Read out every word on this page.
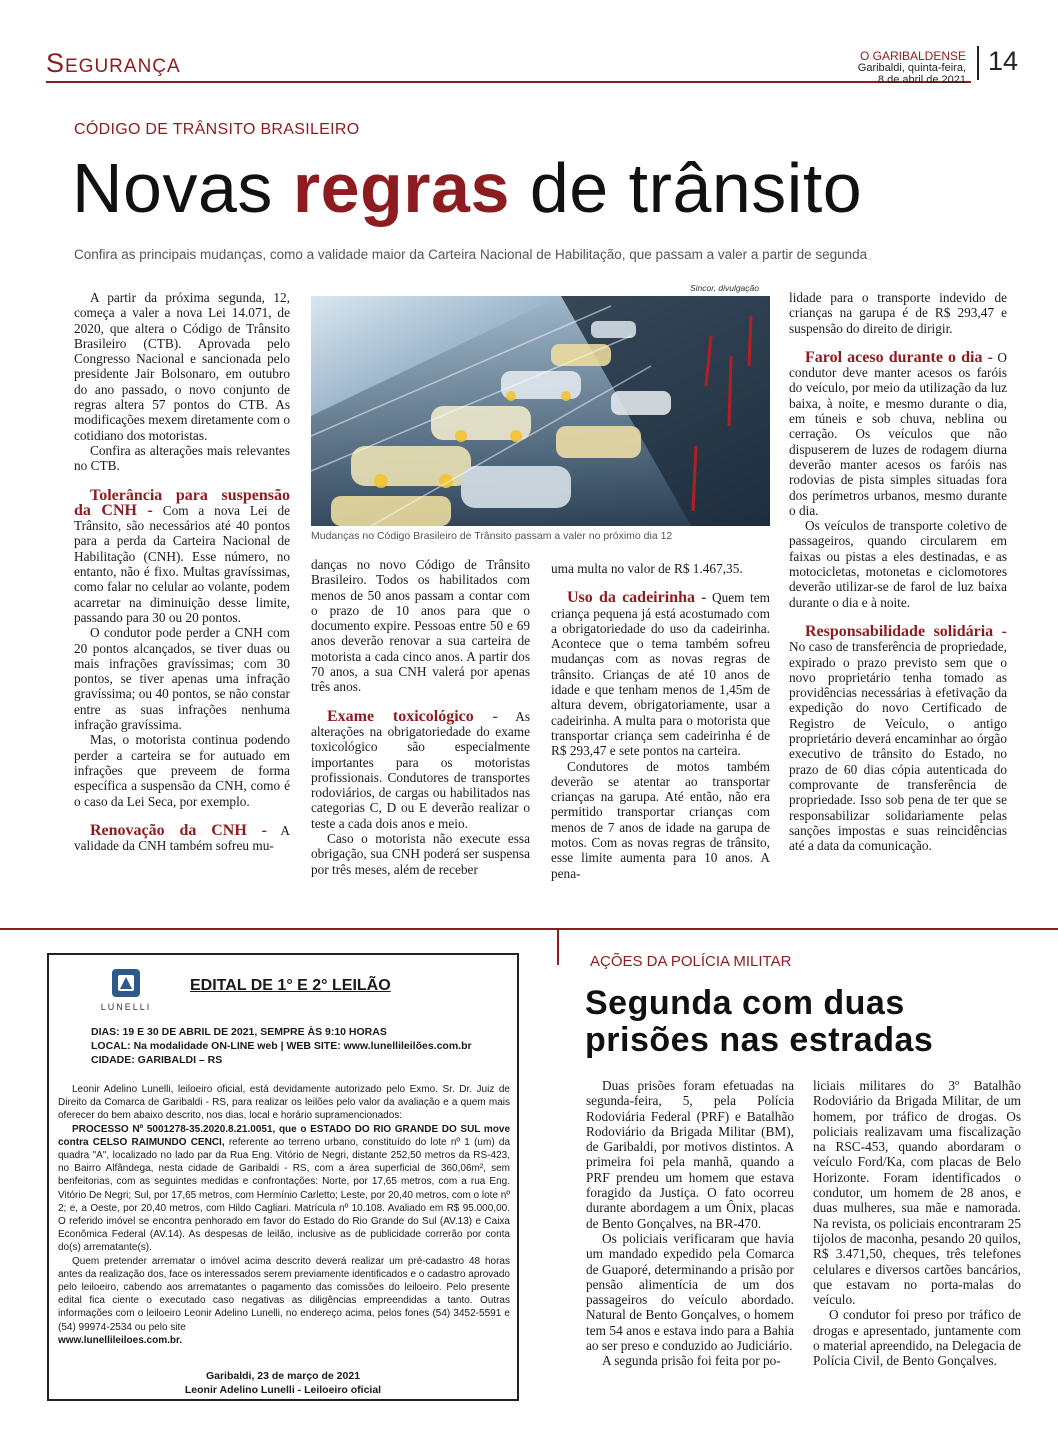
Segurança	O GARIBALDENSE
Garibaldi, quinta-feira,
8 de abril de 2021
14
CÓDIGO DE TRÂNSITO BRASILEIRO
Novas regras de trânsito
Confira as principais mudanças, como a validade maior da Carteira Nacional de Habilitação, que passam a valer a partir de segunda

A partir da próxima segunda, 12, começa a valer a nova Lei 14.071, de 2020, que altera o Código de Trânsito Brasileiro (CTB). Aprovada pelo Congresso Nacional e sancionada pelo presidente Jair Bolsonaro, em outubro do ano passado, o novo conjunto de regras altera 57 pontos do CTB. As modificações mexem diretamente com o cotidiano dos motoristas.

Confira as alterações mais relevantes no CTB.

Tolerância para suspensão da CNH - Com a nova Lei de Trânsito, são necessários até 40 pontos para a perda da Carteira Nacional de Habilitação (CNH). Esse número, no entanto, não é fixo. Multas gravíssimas, como falar no celular ao volante, podem acarretar na diminuição desse limite, passando para 30 ou 20 pontos.

O condutor pode perder a CNH com 20 pontos alcançados, se tiver duas ou mais infrações gravíssimas; com 30 pontos, se tiver apenas uma infração gravíssima; ou 40 pontos, se não constar entre as suas infrações nenhuma infração gravíssima.

Mas, o motorista continua podendo perder a carteira se for autuado em infrações que preveem de forma específica a suspensão da CNH, como é o caso da Lei Seca, por exemplo.

Renovação da CNH - A validade da CNH também sofreu mu-

Sincor, divulgação
Mudanças no Código Brasileiro de Trânsito passam a valer no próximo dia 12

danças no novo Código de Trânsito Brasileiro. Todos os habilitados com menos de 50 anos passam a contar com o prazo de 10 anos para que o documento expire. Pessoas entre 50 e 69 anos deverão renovar a sua carteira de motorista a cada cinco anos. A partir dos 70 anos, a sua CNH valerá por apenas três anos.

Exame toxicológico - As alterações na obrigatoriedade do exame toxicológico são especialmente importantes para os motoristas profissionais. Condutores de transportes rodoviários, de cargas ou habilitados nas categorias C, D ou E deverão realizar o teste a cada dois anos e meio.

Caso o motorista não execute essa obrigação, sua CNH poderá ser suspensa por três meses, além de receber

uma multa no valor de R$ 1.467,35.

Uso da cadeirinha - Quem tem criança pequena já está acostumado com a obrigatoriedade do uso da cadeirinha. Acontece que o tema também sofreu mudanças com as novas regras de trânsito. Crianças de até 10 anos de idade e que tenham menos de 1,45m de altura devem, obrigatoriamente, usar a cadeirinha. A multa para o motorista que transportar criança sem cadeirinha é de R$ 293,47 e sete pontos na carteira.

Condutores de motos também deverão se atentar ao transportar crianças na garupa. Até então, não era permitido transportar crianças com menos de 7 anos de idade na garupa de motos. Com as novas regras de trânsito, esse limite aumenta para 10 anos. A pena-

lidade para o transporte indevido de crianças na garupa é de R$ 293,47 e suspensão do direito de dirigir.

Farol aceso durante o dia - O condutor deve manter acesos os faróis do veículo, por meio da utilização da luz baixa, à noite, e mesmo durante o dia, em túneis e sob chuva, neblina ou cerração. Os veículos que não dispuserem de luzes de rodagem diurna deverão manter acesos os faróis nas rodovias de pista simples situadas fora dos perímetros urbanos, mesmo durante o dia.

Os veículos de transporte coletivo de passageiros, quando circularem em faixas ou pistas a eles destinadas, e as motocicletas, motonetas e ciclomotores deverão utilizar-se de farol de luz baixa durante o dia e à noite.

Responsabilidade solidária - No caso de transferência de propriedade, expirado o prazo previsto sem que o novo proprietário tenha tomado as providências necessárias à efetivação da expedição do novo Certificado de Registro de Veículo, o antigo proprietário deverá encaminhar ao órgão executivo de trânsito do Estado, no prazo de 60 dias cópia autenticada do comprovante de transferência de propriedade. Isso sob pena de ter que se responsabilizar solidariamente pelas sanções impostas e suas reincidências até a data da comunicação.

LUNELLI
EDITAL DE 1° E 2° LEILÃO
DIAS: 19 E 30 DE ABRIL DE 2021, SEMPRE ÀS 9:10 HORAS
LOCAL: Na modalidade ON-LINE web | WEB SITE: www.lunellileilões.com.br
CIDADE: GARIBALDI – RS

Leonir Adelino Lunelli, leiloeiro oficial, está devidamente autorizado pelo Exmo. Sr. Dr. Juiz de Direito da Comarca de Garibaldi - RS, para realizar os leilões pelo valor da avaliação e a quem mais oferecer do bem abaixo descrito, nos dias, local e horário supramencionados:

PROCESSO Nº 5001278-35.2020.8.21.0051, que o ESTADO DO RIO GRANDE DO SUL move contra CELSO RAIMUNDO CENCI, referente ao terreno urbano, constituído do lote nº 1 (um) da quadra "A", localizado no lado par da Rua Eng. Vitório de Negri, distante 252,50 metros da RS-423, no Bairro Alfândega, nesta cidade de Garibaldi - RS, com a área superficial de 360,06m², sem benfeitorias, com as seguintes medidas e confrontações: Norte, por 17,65 metros, com a rua Eng. Vitório De Negri; Sul, por 17,65 metros, com Hermínio Carletto; Leste, por 20,40 metros, com o lote nº 2; e, a Oeste, por 20,40 metros, com Hildo Cagliari. Matrícula nº 10.108. Avaliado em R$ 95.000,00. O referido imóvel se encontra penhorado em favor do Estado do Rio Grande do Sul (AV.13) e Caixa Econômica Federal (AV.14). As despesas de leilão, inclusive as de publicidade correrão por conta do(s) arrematante(s).

Quem pretender arrematar o imóvel acima descrito deverá realizar um pré-cadastro 48 horas antes da realização dos, face os interessados serem previamente identificados e o cadastro aprovado pelo leiloeiro, cabendo aos arrematantes o pagamento das comissões do leiloeiro. Pelo presente edital fica ciente o executado caso negativas as diligências empreendidas a tanto. Outras informações com o leiloeiro Leonir Adelino Lunelli, no endereço acima, pelos fones (54) 3452-5591 e (54) 99974-2534 ou pelo site

www.lunellileiloes.com.br.

Garibaldi, 23 de março de 2021
Leonir Adelino Lunelli - Leiloeiro oficial
AÇÕES DA POLÍCIA MILITAR
Segunda com duas
prisões nas estradas

Duas prisões foram efetuadas na segunda-feira, 5, pela Polícia Rodoviária Federal (PRF) e Batalhão Rodoviário da Brigada Militar (BM), de Garibaldi, por motivos distintos. A primeira foi pela manhã, quando a PRF prendeu um homem que estava foragido da Justiça. O fato ocorreu durante abordagem a um Ônix, placas de Bento Gonçalves, na BR-470.

Os policiais verificaram que havia um mandado expedido pela Comarca de Guaporé, determinando a prisão por pensão alimentícia de um dos passageiros do veículo abordado. Natural de Bento Gonçalves, o homem tem 54 anos e estava indo para a Bahia ao ser preso e conduzido ao Judiciário.

A segunda prisão foi feita por po-

liciais militares do 3º Batalhão Rodoviário da Brigada Militar, de um homem, por tráfico de drogas. Os policiais realizavam uma fiscalização na RSC-453, quando abordaram o veículo Ford/Ka, com placas de Belo Horizonte. Foram identificados o condutor, um homem de 28 anos, e duas mulheres, sua mãe e namorada. Na revista, os policiais encontraram 25 tijolos de maconha, pesando 20 quilos, R$ 3.471,50, cheques, três telefones celulares e diversos cartões bancários, que estavam no porta-malas do veículo.

O condutor foi preso por tráfico de drogas e apresentado, juntamente com o material apreendido, na Delegacia de Polícia Civil, de Bento Gonçalves.
